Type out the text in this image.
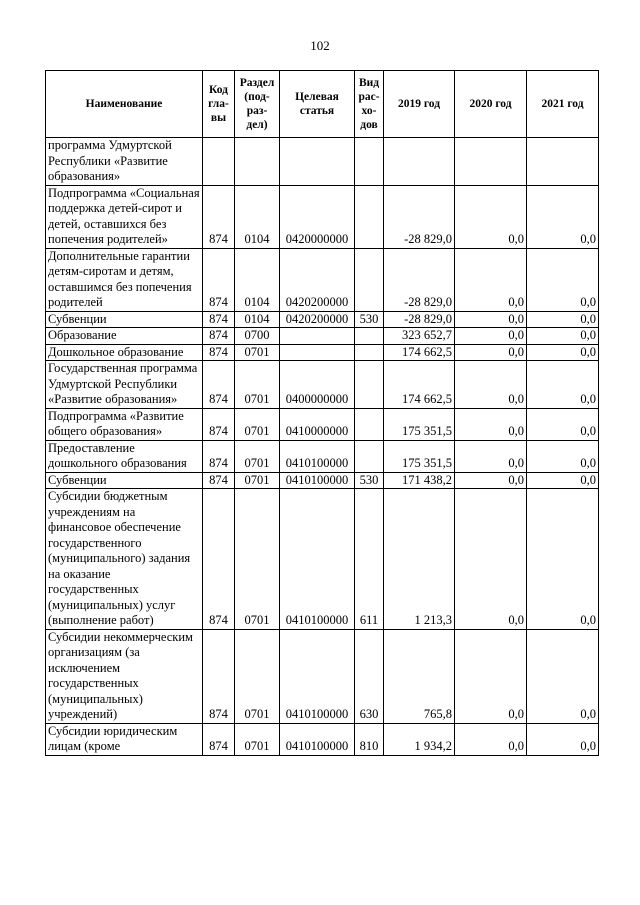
102
Наименование	Код гла- вы	Раздел (под- раз- дел)	Целевая статья	Вид рас- хо- дов	2019 год	2020 год	2021 год
программа Удмуртской Республики «Развитие образования»							
Подпрограмма «Социальная поддержка детей-сирот и детей, оставшихся без попечения родителей»	874	0104	0420000000		-28 829,0	0,0	0,0
Дополнительные гарантии детям-сиротам и детям, оставшимся без попечения родителей	874	0104	0420200000		-28 829,0	0,0	0,0
Субвенции	874	0104	0420200000	530	-28 829,0	0,0	0,0
Образование	874	0700			323 652,7	0,0	0,0
Дошкольное образование	874	0701			174 662,5	0,0	0,0
Государственная программа Удмуртской Республики «Развитие образования»	874	0701	0400000000		174 662,5	0,0	0,0
Подпрограмма «Развитие общего образования»	874	0701	0410000000		175 351,5	0,0	0,0
Предоставление дошкольного образования	874	0701	0410100000		175 351,5	0,0	0,0
Субвенции	874	0701	0410100000	530	171 438,2	0,0	0,0
Субсидии бюджетным учреждениям на финансовое обеспечение государственного (муниципального) задания на оказание государственных (муниципальных) услуг (выполнение работ)	874	0701	0410100000	611	1 213,3	0,0	0,0
Субсидии некоммерческим организациям (за исключением государственных (муниципальных) учреждений)	874	0701	0410100000	630	765,8	0,0	0,0
Субсидии юридическим лицам (кроме	874	0701	0410100000	810	1 934,2	0,0	0,0
